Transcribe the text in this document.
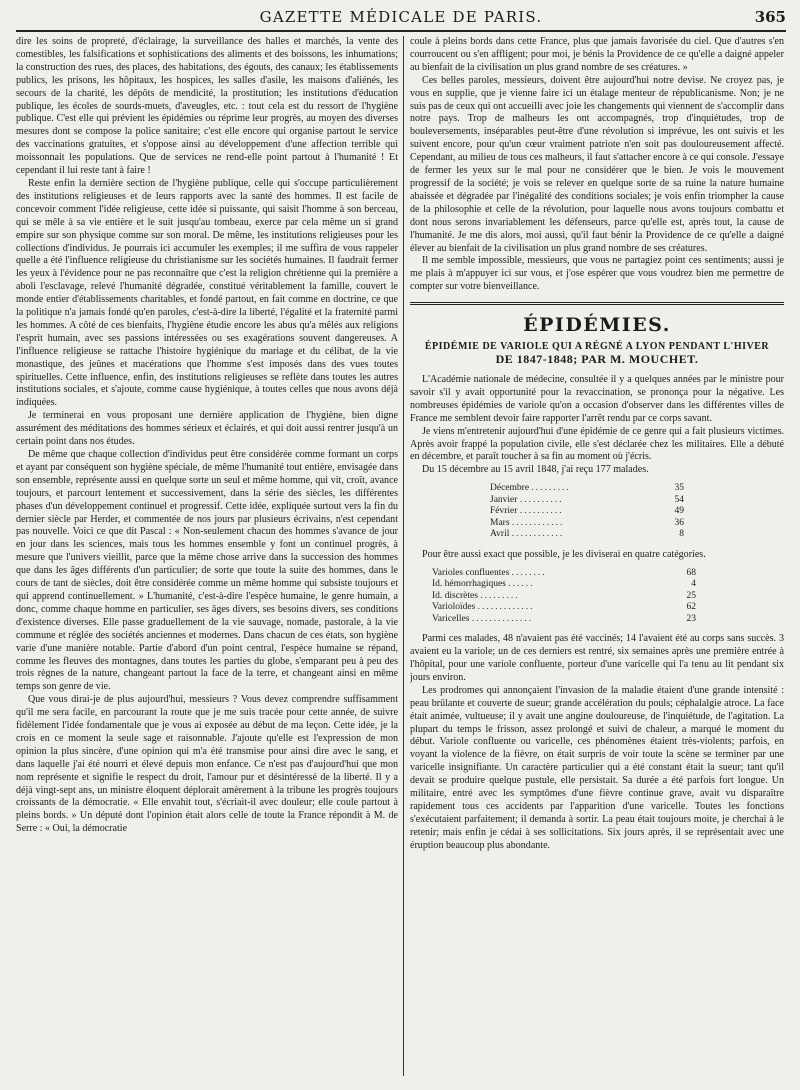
GAZETTE MÉDICALE DE PARIS.	365

dire les soins de propreté, d'éclairage, la surveillance des halles et marchés, la vente des comestibles, les falsifications et sophistications des aliments et des boissons, les inhumations; la construction des rues, des places, des habitations, des égouts, des canaux; les établissements publics, les prisons, les hôpitaux, les hospices, les salles d'asile, les maisons d'aliénés, les secours de la charité, les dépôts de mendicité, la prostitution; les institutions d'éducation publique, les écoles de sourds-muets, d'aveugles, etc. : tout cela est du ressort de l'hygiène publique. C'est elle qui prévient les épidémies ou réprime leur progrès, au moyen des diverses mesures dont se compose la police sanitaire; c'est elle encore qui organise partout le service des vaccinations gratuites, et s'oppose ainsi au développement d'une affection terrible qui moissonnait les populations. Que de services ne rend-elle point partout à l'humanité ! Et cependant il lui reste tant à faire !

Reste enfin la dernière section de l'hygiène publique, celle qui s'occupe particulièrement des institutions religieuses et de leurs rapports avec la santé des hommes. Il est facile de concevoir comment l'idée religieuse, cette idée si puissante, qui saisit l'homme à son berceau, qui se mêle à sa vie entière et le suit jusqu'au tombeau, exerce par cela même un si grand empire sur son physique comme sur son moral. De même, les institutions religieuses pour les collections d'individus. Je pourrais ici accumuler les exemples; il me suffira de vous rappeler quelle a été l'influence religieuse du christianisme sur les sociétés humaines. Il faudrait fermer les yeux à l'évidence pour ne pas reconnaître que c'est la religion chrétienne qui la première a aboli l'esclavage, relevé l'humanité dégradée, constitué véritablement la famille, couvert le monde entier d'établissements charitables, et fondé partout, en fait comme en doctrine, ce que la politique n'a jamais fondé qu'en paroles, c'est-à-dire la liberté, l'égalité et la fraternité parmi les hommes. A côté de ces bienfaits, l'hygiène étudie encore les abus qu'a mêlés aux religions l'esprit humain, avec ses passions intéressées ou ses exagérations souvent dangereuses. A l'influence religieuse se rattache l'histoire hygiénique du mariage et du célibat, de la vie monastique, des jeûnes et macérations que l'homme s'est imposés dans des vues toutes spirituelles. Cette influence, enfin, des institutions religieuses se reflète dans toutes les autres institutions sociales, et s'ajoute, comme cause hygiénique, à toutes celles que nous avons déjà indiquées.

Je terminerai en vous proposant une dernière application de l'hygiène, bien digne assurément des méditations des hommes sérieux et éclairés, et qui doit aussi rentrer jusqu'à un certain point dans nos études.

De même que chaque collection d'individus peut être considérée comme formant un corps et ayant par conséquent son hygiène spéciale, de même l'humanité tout entière, envisagée dans son ensemble, représente aussi en quelque sorte un seul et même homme, qui vit, croît, avance toujours, et parcourt lentement et successivement, dans la série des siècles, les différentes phases d'un développement continuel et progressif. Cette idée, expliquée surtout vers la fin du dernier siècle par Herder, et commentée de nos jours par plusieurs écrivains, n'est cependant pas nouvelle. Voici ce que dit Pascal : « Non-seulement chacun des hommes s'avance de jour en jour dans les sciences, mais tous les hommes ensemble y font un continuel progrès, à mesure que l'univers vieillit, parce que la même chose arrive dans la succession des hommes que dans les âges différents d'un particulier; de sorte que toute la suite des hommes, dans le cours de tant de siècles, doit être considérée comme un même homme qui subsiste toujours et qui apprend continuellement. » L'humanité, c'est-à-dire l'espèce humaine, le genre humain, a donc, comme chaque homme en particulier, ses âges divers, ses besoins divers, ses conditions d'existence diverses. Elle passe graduellement de la vie sauvage, nomade, pastorale, à la vie commune et réglée des sociétés anciennes et modernes. Dans chacun de ces états, son hygiène varie d'une manière notable. Partie d'abord d'un point central, l'espèce humaine se répand, comme les fleuves des montagnes, dans toutes les parties du globe, s'emparant peu à peu des trois règnes de la nature, changeant partout la face de la terre, et changeant ainsi en même temps son genre de vie.

Que vous dirai-je de plus aujourd'hui, messieurs ? Vous devez comprendre suffisamment qu'il me sera facile, en parcourant la route que je me suis tracée pour cette année, de suivre fidèlement l'idée fondamentale que je vous ai exposée au début de ma leçon. Cette idée, je la crois en ce moment la seule sage et raisonnable. J'ajoute qu'elle est l'expression de mon opinion la plus sincère, d'une opinion qui m'a été transmise pour ainsi dire avec le sang, et dans laquelle j'ai été nourri et élevé depuis mon enfance. Ce n'est pas d'aujourd'hui que mon nom représente et signifie le respect du droit, l'amour pur et désintéressé de la liberté. Il y a déjà vingt-sept ans, un ministre éloquent déplorait amèrement à la tribune les progrès toujours croissants de la démocratie. « Elle envahit tout, s'écriait-il avec douleur; elle coule partout à pleins bords. » Un député dont l'opinion était alors celle de toute la France répondit à M. de Serre : « Oui, la démocratie

coule à pleins bords dans cette France, plus que jamais favorisée du ciel. Que d'autres s'en courroucent ou s'en affligent; pour moi, je bénis la Providence de ce qu'elle a daigné appeler au bienfait de la civilisation un plus grand nombre de ses créatures. »

Ces belles paroles, messieurs, doivent être aujourd'hui notre devise. Ne croyez pas, je vous en supplie, que je vienne faire ici un étalage menteur de républicanisme. Non; je ne suis pas de ceux qui ont accueilli avec joie les changements qui viennent de s'accomplir dans notre pays. Trop de malheurs les ont accompagnés, trop d'inquiétudes, trop de bouleversements, inséparables peut-être d'une révolution si imprévue, les ont suivis et les suivent encore, pour qu'un cœur vraiment patriote n'en soit pas douloureusement affecté. Cependant, au milieu de tous ces malheurs, il faut s'attacher encore à ce qui console. J'essaye de fermer les yeux sur le mal pour ne considérer que le bien. Je vois le mouvement progressif de la société; je vois se relever en quelque sorte de sa ruine la nature humaine abaissée et dégradée par l'inégalité des conditions sociales; je vois enfin triompher la cause de la philosophie et celle de la révolution, pour laquelle nous avons toujours combattu et dont nous serons invariablement les défenseurs, parce qu'elle est, après tout, la cause de l'humanité. Je me dis alors, moi aussi, qu'il faut bénir la Providence de ce qu'elle a daigné élever au bienfait de la civilisation un plus grand nombre de ses créatures.

Il me semble impossible, messieurs, que vous ne partagiez point ces sentiments; aussi je me plais à m'appuyer ici sur vous, et j'ose espérer que vous voudrez bien me permettre de compter sur votre bienveillance.

ÉPIDÉMIES.
ÉPIDÉMIE DE VARIOLE QUI A RÉGNÉ A LYON PENDANT L'HIVER
DE 1847-1848; PAR M. MOUCHET.

L'Académie nationale de médecine, consultée il y a quelques années par le ministre pour savoir s'il y avait opportunité pour la revaccination, se prononça pour la négative. Les nombreuses épidémies de variole qu'on a occasion d'observer dans les différentes villes de France me semblent devoir faire rapporter l'arrêt rendu par ce corps savant.

Je viens m'entretenir aujourd'hui d'une épidémie de ce genre qui a fait plusieurs victimes. Après avoir frappé la population civile, elle s'est déclarée chez les militaires. Elle a débuté en décembre, et paraît toucher à sa fin au moment où j'écris.

Du 15 décembre au 15 avril 1848, j'ai reçu 177 malades.

Décembre .........	35
Janvier ..........	54
Février ..........	49
Mars ............	36
Avril ............	8

Pour être aussi exact que possible, je les diviserai en quatre catégories.

Varioles confluentes ........	68
Id. hémorrhagiques ......	4
Id. discrètes .........	25
Varioloïdes .............	62
Varicelles ..............	23

Parmi ces malades, 48 n'avaient pas été vaccinés; 14 l'avaient été au corps sans succès. 3 avaient eu la variole; un de ces derniers est rentré, six semaines après une première entrée à l'hôpital, pour une variole confluente, porteur d'une varicelle qui l'a tenu au lit pendant six jours environ.

Les prodromes qui annonçaient l'invasion de la maladie étaient d'une grande intensité : peau brûlante et couverte de sueur; grande accélération du pouls; céphalalgie atroce. La face était animée, vultueuse; il y avait une angine douloureuse, de l'inquiétude, de l'agitation. La plupart du temps le frisson, assez prolongé et suivi de chaleur, a marqué le moment du début. Variole confluente ou varicelle, ces phénomènes étaient très-violents; parfois, en voyant la violence de la fièvre, on était surpris de voir toute la scène se terminer par une varicelle insignifiante. Un caractère particulier qui a été constant était la sueur; tant qu'il devait se produire quelque pustule, elle persistait. Sa durée a été parfois fort longue. Un militaire, entré avec les symptômes d'une fièvre continue grave, avait vu disparaître rapidement tous ces accidents par l'apparition d'une varicelle. Toutes les fonctions s'exécutaient parfaitement; il demanda à sortir. La peau était toujours moite, je cherchai à le retenir; mais enfin je cédai à ses sollicitations. Six jours après, il se représentait avec une éruption beaucoup plus abondante.
